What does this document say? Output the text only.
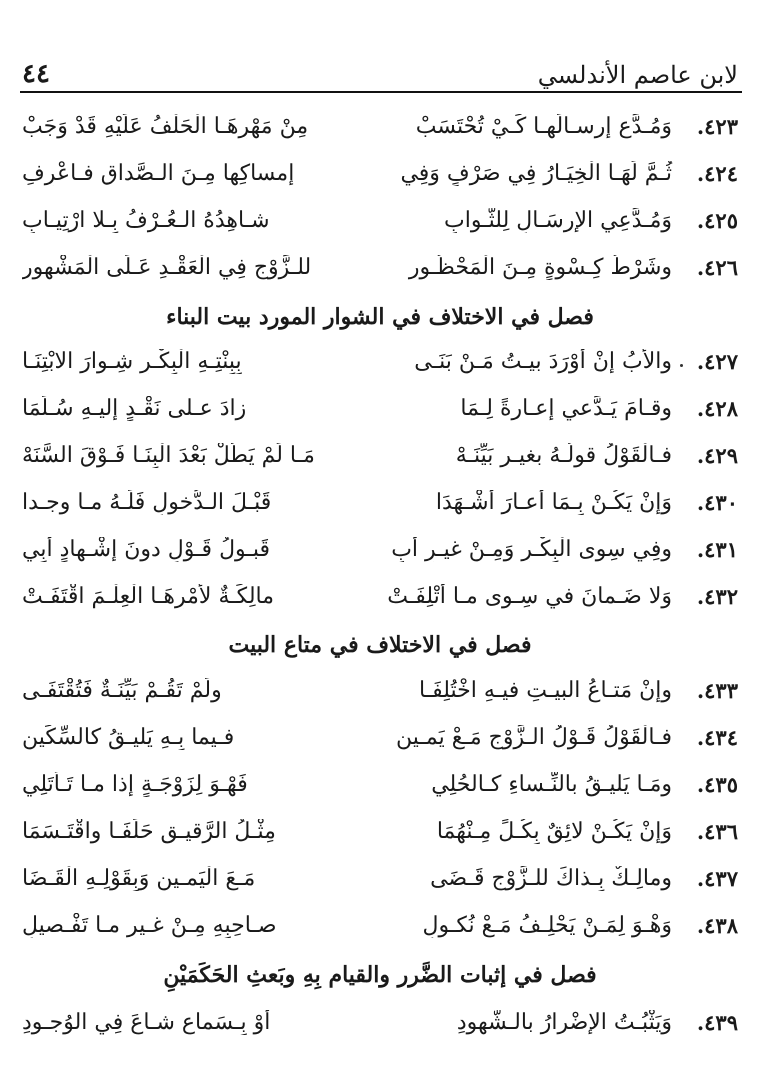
لابن عاصم الأندلسي
٤٤
٤٢٣.
وَمُـدَّعٍ إرسـالَهـا كَـيْ تُحْتَسَبْ
مِنْ مَهْرِهَـا الْحَلْفُ عَلَيْهِ قَدْ وَجَبْ
٤٢٤.
ثُـمَّ لَهَـا الْخِيَـارُ فِي صَرْفٍ وَفِي
إمساكِها مِـنَ الـصَّداقِ فـاعْرِفِ
٤٢٥.
وَمُـدَّعِي الإرسَـالِ لِلثَّـوابِ
شـاهِدُهُ الـعُـرْفُ بِـلا ارْتِيـابِ
٤٢٦.
وشَرْطُ كِـسْوةٍ مِـنَ الْمَحْظُـورِ
للـزَّوْجِ فِي الْعَقْـدِ عَـلَى الْمَشْهورِ
فصل في الاختلاف في الشوار المورد بيت البناء
٤٢٧.
والأبُ إنْ أوْرَدَ بيـتُ مَـنْ بَنَـى
بِبِنْتِـهِ الْبِكْـرِ شِـوارَ الابْتِنَـا
٤٢٨.
وقـامَ يَـدَّعي إعـارةً لِـمَا
زادَ عـلى نَقْـدٍ إليـهِ سُـلِّمَا
٤٢٩.
فـالْقَوْلُ قولُـهُ بغيـرِ بَيِّنَـهْ
مَـا لَمْ يَطُلْ بَعْدَ الْبِنَـا فَـوْقَ السَّنَهْ
٤٣٠.
وَإنْ يَكُـنْ بِـمَا أعـارَ أشْـهَدَا
قَبْـلَ الـدُّخولِ فَلَـهُ مـا وجـدا
٤٣١.
وفِي سِوى الْبِكْـرِ وَمِـنْ غيـرِ أبِ
قَبـولُ قَـوْلٍ دونَ إشْـهادٍ أُبِي
٤٣٢.
وَلا ضَـمانَ في سِـوى مـا أُتْلِفَـتْ
مالِكَـةٌ لأمْرِهَـا الْعِلْـمَ اقْتَفَـتْ
فصل في الاختلاف في متاع البيت
٤٣٣.
وإنْ مَتـاعُ البيـتِ فيـهِ اخْتُلِفَـا
ولَمْ تَقُـمْ بَيِّنَـةٌ فَتُقْتَفَـى
٤٣٤.
فـالْقَوْلُ قَـوْلُ الـزَّوْجِ مَـعْ يَمـينِ
فـيما بِـهِ يَليـقُ كالسِّكِّينِ
٤٣٥.
ومَـا يَليـقُ بالنِّـساءِ كـالحُلِي
فَهْـوَ لِزَوْجَـةٍ إذا مـا تَـأْتَلِي
٤٣٦.
وَإنْ يَكُـنْ لائِقٌ بِكُـلٍّ مِـنْهُمَا
مِثْـلُ الرَّقيـقِ حَلَفَـا واقْتَـسَمَا
٤٣٧.
ومالِـكٌ بِـذاكَ للـزَّوْجِ قَـضَى
مَـعَ الْيَمـينِ وَبِقَوْلِـهِ الْقَـضَا
٤٣٨.
وَهْـوَ لِمَـنْ يَحْلِـفُ مَـعْ نُكـولِ
صـاحِبِهِ مِـنْ غـيرِ مـا تَفْـصيلِ
فصل في إثبات الضَّرر والقيام بِهِ وبَعثِ الحَكَمَيْنِ
٤٣٩.
وَيَثْبُـتُ الإضْرارُ بالـشُّهودِ
أوْ بِـسَماعٍ شـاعَ فِي الوُجـودِ
